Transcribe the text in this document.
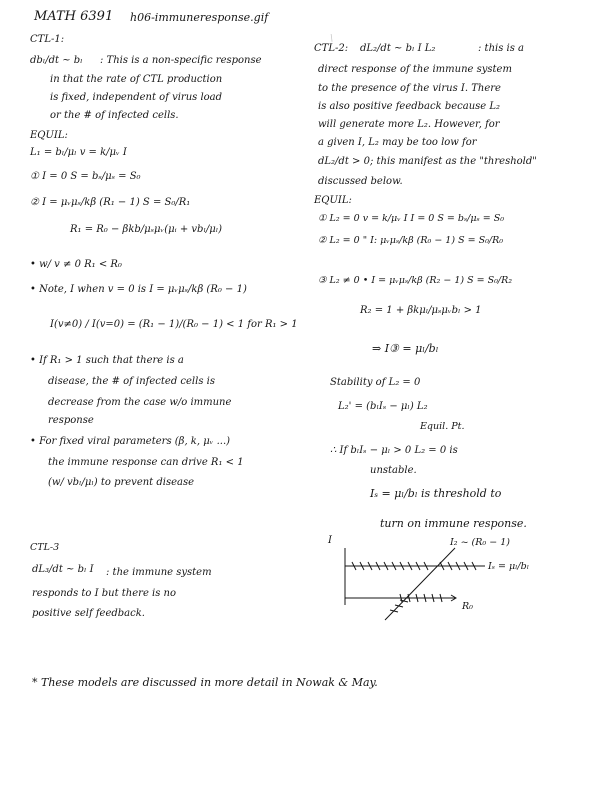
\
MATH 6391 h06-immuneresponse.gif
CTL-1:
dbₗ/dt ~ bₗ : This is a non-specific response
in that the rate of CTL production
is fixed, independent of virus load
or the # of infected cells.
EQUIL:
L₁ = bₗ/μₗ v = k/μᵥ I
① I = 0 S = bₛ/μₛ = S₀
② I = μᵥμₛ/kβ (R₁ − 1) S = S₀/R₁
R₁ = R₀ − βkb/μₛμᵥ(μᵢ + vbₗ/μₗ)
• w/ v ≠ 0 R₁ < R₀
• Note, I when v = 0 is I = μᵥμₛ/kβ (R₀ − 1)
I(v≠0) / I(v=0) = (R₁ − 1)/(R₀ − 1) < 1 for R₁ > 1
• If R₁ > 1 such that there is a
disease, the # of infected cells is
decrease from the case w/o immune
response
• For fixed viral parameters (β, k, μᵥ ...)
the immune response can drive R₁ < 1
(w/ vbₗ/μₗ) to prevent disease
CTL-2: dL₂/dt ~ bₗ I L₂	: this is a
direct response of the immune system
to the presence of the virus I. There
is also positive feedback because L₂
will generate more L₂. However, for
a given I, L₂ may be too low for
dL₂/dt > 0; this manifest as the "threshold"
discussed below.
EQUIL:
① L₂ = 0 v = k/μᵥ I I = 0 S = bₛ/μₛ = S₀
② L₂ = 0 " I: μᵥμₛ/kβ (R₀ − 1) S = S₀/R₀
③ L₂ ≠ 0 • I = μᵥμₛ/kβ (R₂ − 1) S = S₀/R₂
R₂ = 1 + βkμₗ/μₛμᵥbₗ > 1
⇒ I③ = μₗ/bₗ
Stability of L₂ = 0
L₂' = (bₗIₛ − μₗ) L₂
Equil. Pt.
∴ If bₗIₛ − μₗ > 0 L₂ = 0 is
unstable.
Iₛ = μₗ/bₗ is threshold to
turn on immune response.
CTL-3
dL₃/dt ~ bₗ I : the immune system
responds to I but there is no
positive self feedback.
I
R₀
I₂ ~ (R₀ − 1)
Iₛ = μₗ/bₗ
* These models are discussed in more detail in Nowak & May.
